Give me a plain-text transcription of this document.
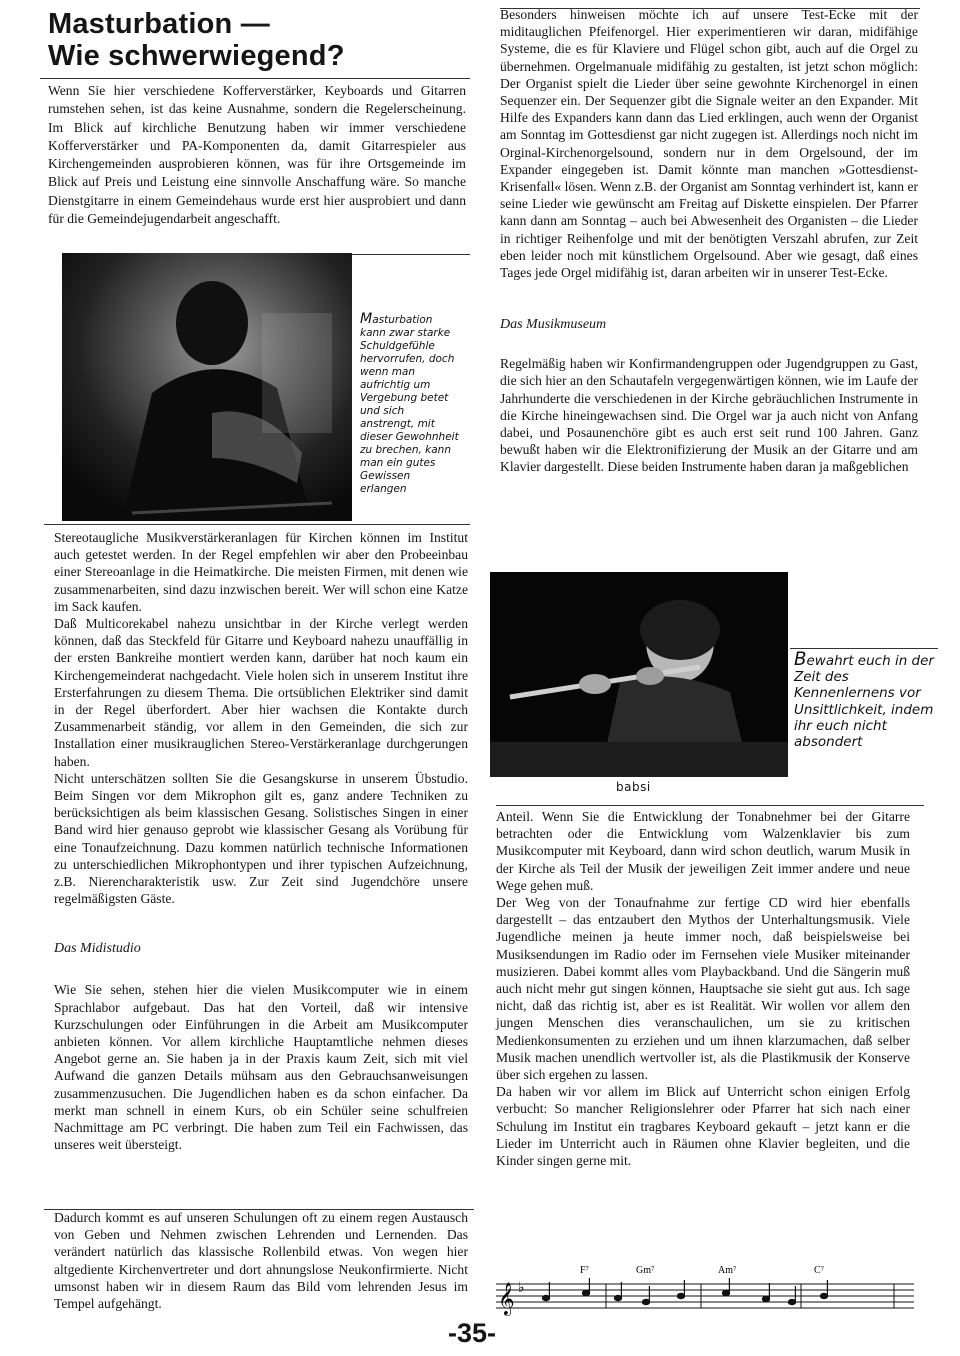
Masturbation —
Wie schwerwiegend?

Wenn Sie hier verschiedene Kofferverstärker, Keyboards und Gitarren rumstehen sehen, ist das keine Ausnahme, sondern die Regelerscheinung. Im Blick auf kirchliche Benutzung haben wir immer verschiedene Kofferverstärker und PA-Komponenten da, damit Gitarrespieler aus Kirchengemeinden ausprobieren können, was für ihre Ortsgemeinde im Blick auf Preis und Leistung eine sinnvolle Anschaffung wäre. So manche Dienstgitarre in einem Gemeindehaus wurde erst hier ausprobiert und dann für die Gemeindejugendarbeit angeschafft.

Masturbation kann zwar starke Schuldgefühle hervorrufen, doch wenn man aufrichtig um Vergebung betet und sich anstrengt, mit dieser Gewohnheit zu brechen, kann man ein gutes Gewissen erlangen

Stereotaugliche Musikverstärkeranlagen für Kirchen können im Institut auch getestet werden. In der Regel empfehlen wir aber den Probeeinbau einer Stereoanlage in die Heimatkirche. Die meisten Firmen, mit denen wie zusammenarbeiten, sind dazu inzwischen bereit. Wer will schon eine Katze im Sack kaufen.

Daß Multicorekabel nahezu unsichtbar in der Kirche verlegt werden können, daß das Steckfeld für Gitarre und Keyboard nahezu unauffällig in der ersten Bankreihe montiert werden kann, darüber hat noch kaum ein Kirchengemeinderat nachgedacht. Viele holen sich in unserem Institut ihre Ersterfahrungen zu diesem Thema. Die ortsüblichen Elektriker sind damit in der Regel überfordert. Aber hier wachsen die Kontakte durch Zusammenarbeit ständig, vor allem in den Gemeinden, die sich zur Installation einer musikrauglichen Stereo-Verstärkeranlage durchgerungen haben.

Nicht unterschätzen sollten Sie die Gesangskurse in unserem Übstudio. Beim Singen vor dem Mikrophon gilt es, ganz andere Techniken zu berücksichtigen als beim klassischen Gesang. Solistisches Singen in einer Band wird hier genauso geprobt wie klassischer Gesang als Vorübung für eine Tonaufzeichnung. Dazu kommen natürlich technische Informationen zu unterschiedlichen Mikrophontypen und ihrer typischen Aufzeichnung, z.B. Nierencharakteristik usw. Zur Zeit sind Jugendchöre unsere regelmäßigsten Gäste.

Das Midistudio

Wie Sie sehen, stehen hier die vielen Musikcomputer wie in einem Sprachlabor aufgebaut. Das hat den Vorteil, daß wir intensive Kurzschulungen oder Einführungen in die Arbeit am Musikcomputer anbieten können. Vor allem kirchliche Hauptamtliche nehmen dieses Angebot gerne an. Sie haben ja in der Praxis kaum Zeit, sich mit viel Aufwand die ganzen Details mühsam aus den Gebrauchsanweisungen zusammenzusuchen. Die Jugendlichen haben es da schon einfacher. Da merkt man schnell in einem Kurs, ob ein Schüler seine schulfreien Nachmittage am PC verbringt. Die haben zum Teil ein Fachwissen, das unseres weit übersteigt.

Dadurch kommt es auf unseren Schulungen oft zu einem regen Austausch von Geben und Nehmen zwischen Lehrenden und Lernenden. Das verändert natürlich das klassische Rollenbild etwas. Von wegen hier altgediente Kirchenvertreter und dort ahnungslose Neukonfirmierte. Nicht umsonst haben wir in diesem Raum das Bild vom lehrenden Jesus im Tempel aufgehängt.

Besonders hinweisen möchte ich auf unsere Test-Ecke mit der miditauglichen Pfeifenorgel. Hier experimentieren wir daran, midifähige Systeme, die es für Klaviere und Flügel schon gibt, auch auf die Orgel zu übernehmen. Orgelmanuale midifähig zu gestalten, ist jetzt schon möglich: Der Organist spielt die Lieder über seine gewohnte Kirchenorgel in einen Sequenzer ein. Der Sequenzer gibt die Signale weiter an den Expander. Mit Hilfe des Expanders kann dann das Lied erklingen, auch wenn der Organist am Sonntag im Gottesdienst gar nicht zugegen ist. Allerdings noch nicht im Orginal-Kirchenorgelsound, sondern nur in dem Orgelsound, der im Expander eingegeben ist. Damit könnte man manchen »Gottesdienst-Krisenfall« lösen. Wenn z.B. der Organist am Sonntag verhindert ist, kann er seine Lieder wie gewünscht am Freitag auf Diskette einspielen. Der Pfarrer kann dann am Sonntag – auch bei Abwesenheit des Organisten – die Lieder in richtiger Reihenfolge und mit der benötigten Verszahl abrufen, zur Zeit eben leider noch mit künstlichem Orgelsound. Aber wie gesagt, daß eines Tages jede Orgel midifähig ist, daran arbeiten wir in unserer Test-Ecke.

Das Musikmuseum

Regelmäßig haben wir Konfirmandengruppen oder Jugendgruppen zu Gast, die sich hier an den Schautafeln vergegenwärtigen können, wie im Laufe der Jahrhunderte die verschiedenen in der Kirche gebräuchlichen Instrumente in die Kirche hineingewachsen sind. Die Orgel war ja auch nicht von Anfang dabei, und Posaunenchöre gibt es auch erst seit rund 100 Jahren. Ganz bewußt haben wir die Elektronifizierung der Musik an der Gitarre und am Klavier dargestellt. Diese beiden Instrumente haben daran ja maßgeblichen

Bewahrt euch in der Zeit des Kennenlernens vor Unsittlichkeit, indem ihr euch nicht absondert
babsi

Anteil. Wenn Sie die Entwicklung der Tonabnehmer bei der Gitarre betrachten oder die Entwicklung vom Walzenklavier bis zum Musikcomputer mit Keyboard, dann wird schon deutlich, warum Musik in der Kirche als Teil der Musik der jeweiligen Zeit immer andere und neue Wege gehen muß.

Der Weg von der Tonaufnahme zur fertige CD wird hier ebenfalls dargestellt – das entzaubert den Mythos der Unterhaltungsmusik. Viele Jugendliche meinen ja heute immer noch, daß beispielsweise bei Musiksendungen im Radio oder im Fernsehen viele Musiker miteinander musizieren. Dabei kommt alles vom Playbackband. Und die Sängerin muß auch nicht mehr gut singen können, Hauptsache sie sieht gut aus. Ich sage nicht, daß das richtig ist, aber es ist Realität. Wir wollen vor allem den jungen Menschen dies veranschaulichen, um sie zu kritischen Medienkonsumenten zu erziehen und um ihnen klarzumachen, daß selber Musik machen unendlich wertvoller ist, als die Plastikmusik der Konserve über sich ergehen zu lassen.

Da haben wir vor allem im Blick auf Unterricht schon einigen Erfolg verbucht: So mancher Religionslehrer oder Pfarrer hat sich nach einer Schulung im Institut ein tragbares Keyboard gekauft – jetzt kann er die Lieder im Unterricht auch in Räumen ohne Klavier begleiten, und die Kinder singen gerne mit.

𝄞 ♭
F⁷	Gm⁷	Am⁷	C⁷
-35-
